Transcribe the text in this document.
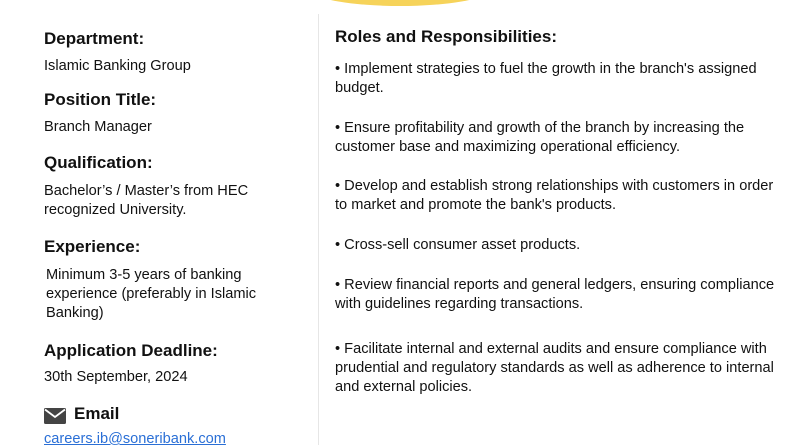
Department:
Islamic Banking Group
Position Title:
Branch Manager
Qualification:
Bachelor’s / Master’s from HEC recognized University.
Experience:
Minimum 3-5 years of banking experience (preferably in Islamic Banking)
Application Deadline:
30th September, 2024
Email
careers.ib@soneribank.com
Roles and Responsibilities:
• Implement strategies to fuel the growth in the branch's assigned budget.
• Ensure profitability and growth of the branch by increasing the customer base and maximizing operational efficiency.
• Develop and establish strong relationships with customers in order to market and promote the bank's products.
• Cross-sell consumer asset products.
• Review financial reports and general ledgers, ensuring compliance with guidelines regarding transactions.
• Facilitate internal and external audits and ensure compliance with prudential and regulatory standards as well as adherence to internal and external policies.
